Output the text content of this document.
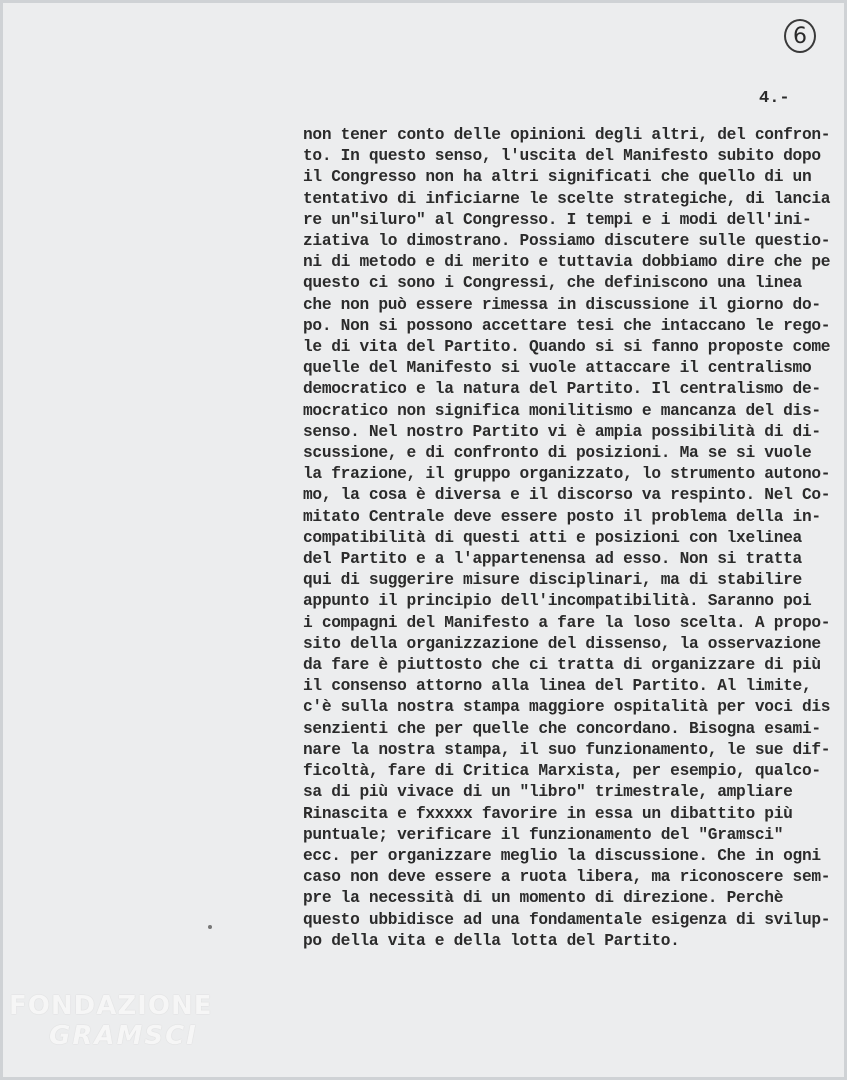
6
4.-
non tener conto delle opinioni degli altri, del confron-
to. In questo senso, l'uscita del Manifesto subito dopo
il Congresso non ha altri significati che quello di un
tentativo di inficiarne le scelte strategiche, di lancia
re un"siluro" al Congresso. I tempi e i modi dell'ini-
ziativa lo dimostrano. Possiamo discutere sulle questio-
ni di metodo e di merito e tuttavia dobbiamo dire che pe
questo ci sono i Congressi, che definiscono una linea
che non può essere rimessa in discussione il giorno do-
po. Non si possono accettare tesi che intaccano le rego-
le di vita del Partito. Quando si si fanno proposte come
quelle del Manifesto si vuole attaccare il centralismo
democratico e la natura del Partito. Il centralismo de-
mocratico non significa monilitismo e mancanza del dis-
senso. Nel nostro Partito vi è ampia possibilità di di-
scussione, e di confronto di posizioni. Ma se si vuole
la frazione, il gruppo organizzato, lo strumento autono-
mo, la cosa è diversa e il discorso va respinto. Nel Co-
mitato Centrale deve essere posto il problema della in-
compatibilità di questi atti e posizioni con lxelinea
del Partito e a l'appartenensa ad esso. Non si tratta
qui di suggerire misure disciplinari, ma di stabilire
appunto il principio dell'incompatibilità. Saranno poi
i compagni del Manifesto a fare la loso scelta. A propo-
sito della organizzazione del dissenso, la osservazione
da fare è piuttosto che ci tratta di organizzare di più
il consenso attorno alla linea del Partito. Al limite,
c'è sulla nostra stampa maggiore ospitalità per voci dis
senzienti che per quelle che concordano. Bisogna esami-
nare la nostra stampa, il suo funzionamento, le sue dif-
ficoltà, fare di Critica Marxista, per esempio, qualco-
sa di più vivace di un "libro" trimestrale, ampliare
Rinascita e fxxxxx favorire in essa un dibattito più
puntuale; verificare il funzionamento del "Gramsci"
ecc. per organizzare meglio la discussione. Che in ogni
caso non deve essere a ruota libera, ma riconoscere sem-
pre la necessità di un momento di direzione. Perchè
questo ubbidisce ad una fondamentale esigenza di svilup-
po della vita e della lotta del Partito.
FONDAZIONE
GRAMSCI
